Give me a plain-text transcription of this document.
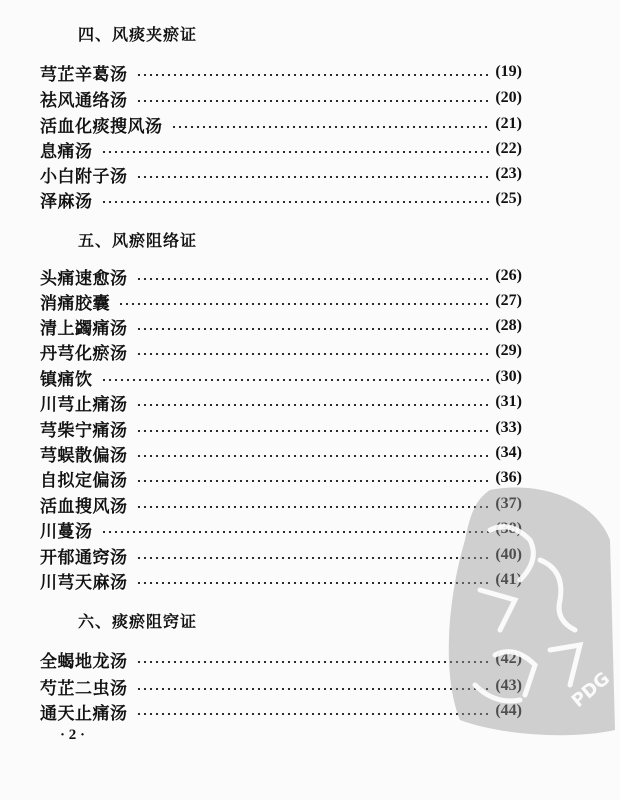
四、风痰夹瘀证
芎芷辛葛汤	(19)
祛风通络汤	(20)
活血化痰搜风汤	(21)
息痛汤	(22)
小白附子汤	(23)
泽麻汤	(25)
五、风瘀阻络证
头痛速愈汤	(26)
消痛胶囊	(27)
清上蠲痛汤	(28)
丹芎化瘀汤	(29)
镇痛饮	(30)
川芎止痛汤	(31)
芎柴宁痛汤	(33)
芎蜈散偏汤	(34)
自拟定偏汤	(36)
活血搜风汤	(37)
川蔓汤	(38)
开郁通窍汤	(40)
川芎天麻汤	(41)
六、痰瘀阻窍证
全蝎地龙汤	(42)
芍芷二虫汤	(43)
通天止痛汤	(44)
· 2 ·
PDG
